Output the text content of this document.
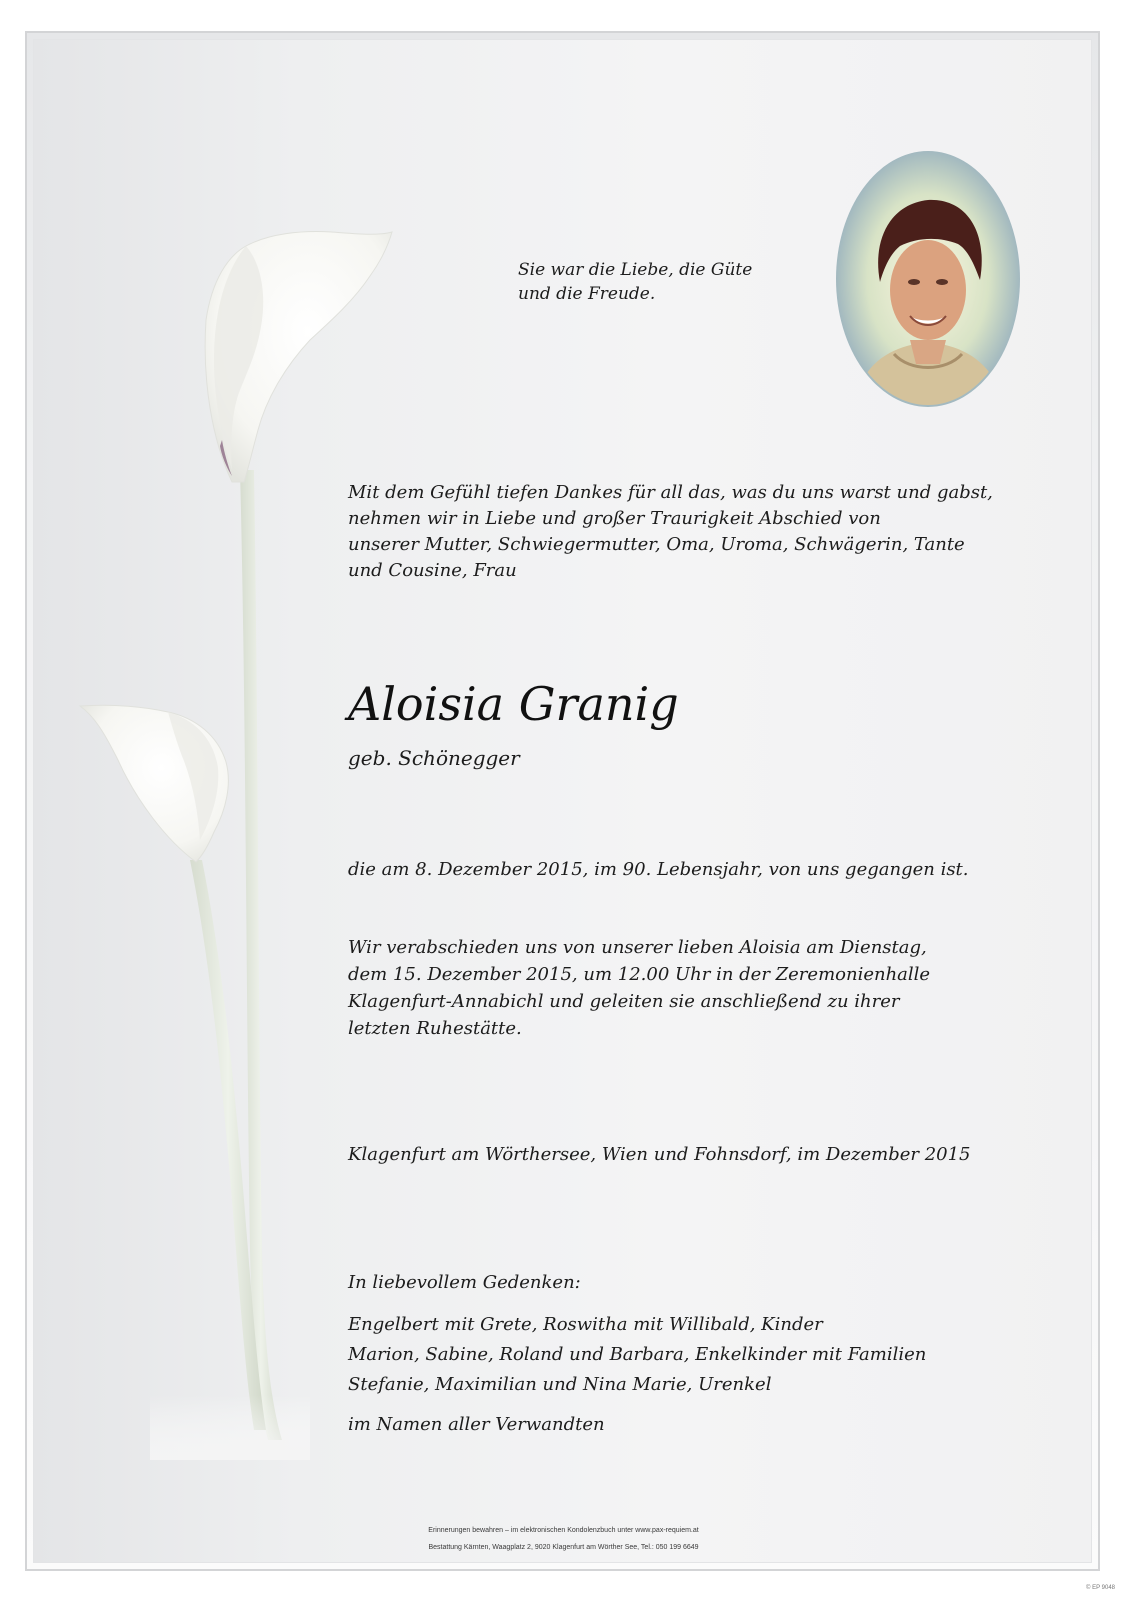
Sie war die Liebe, die Güte
und die Freude.
Mit dem Gefühl tiefen Dankes für all das, was du uns warst und gabst,
nehmen wir in Liebe und großer Traurigkeit Abschied von
unserer Mutter, Schwiegermutter, Oma, Uroma, Schwägerin, Tante
und Cousine, Frau
Aloisia Granig
geb. Schönegger
die am 8. Dezember 2015, im 90. Lebensjahr, von uns gegangen ist.
Wir verabschieden uns von unserer lieben Aloisia am Dienstag,
dem 15. Dezember 2015, um 12.00 Uhr in der Zeremonienhalle
Klagenfurt-Annabichl und geleiten sie anschließend zu ihrer
letzten Ruhestätte.
Klagenfurt am Wörthersee, Wien und Fohnsdorf, im Dezember 2015
In liebevollem Gedenken:
Engelbert mit Grete, Roswitha mit Willibald, Kinder
Marion, Sabine, Roland und Barbara, Enkelkinder mit Familien
Stefanie, Maximilian und Nina Marie, Urenkel
im Namen aller Verwandten
Erinnerungen bewahren – im elektronischen Kondolenzbuch unter www.pax-requiem.at
Bestattung Kärnten, Waagplatz 2, 9020 Klagenfurt am Wörther See, Tel.: 050 199 6649
© EP 9048
